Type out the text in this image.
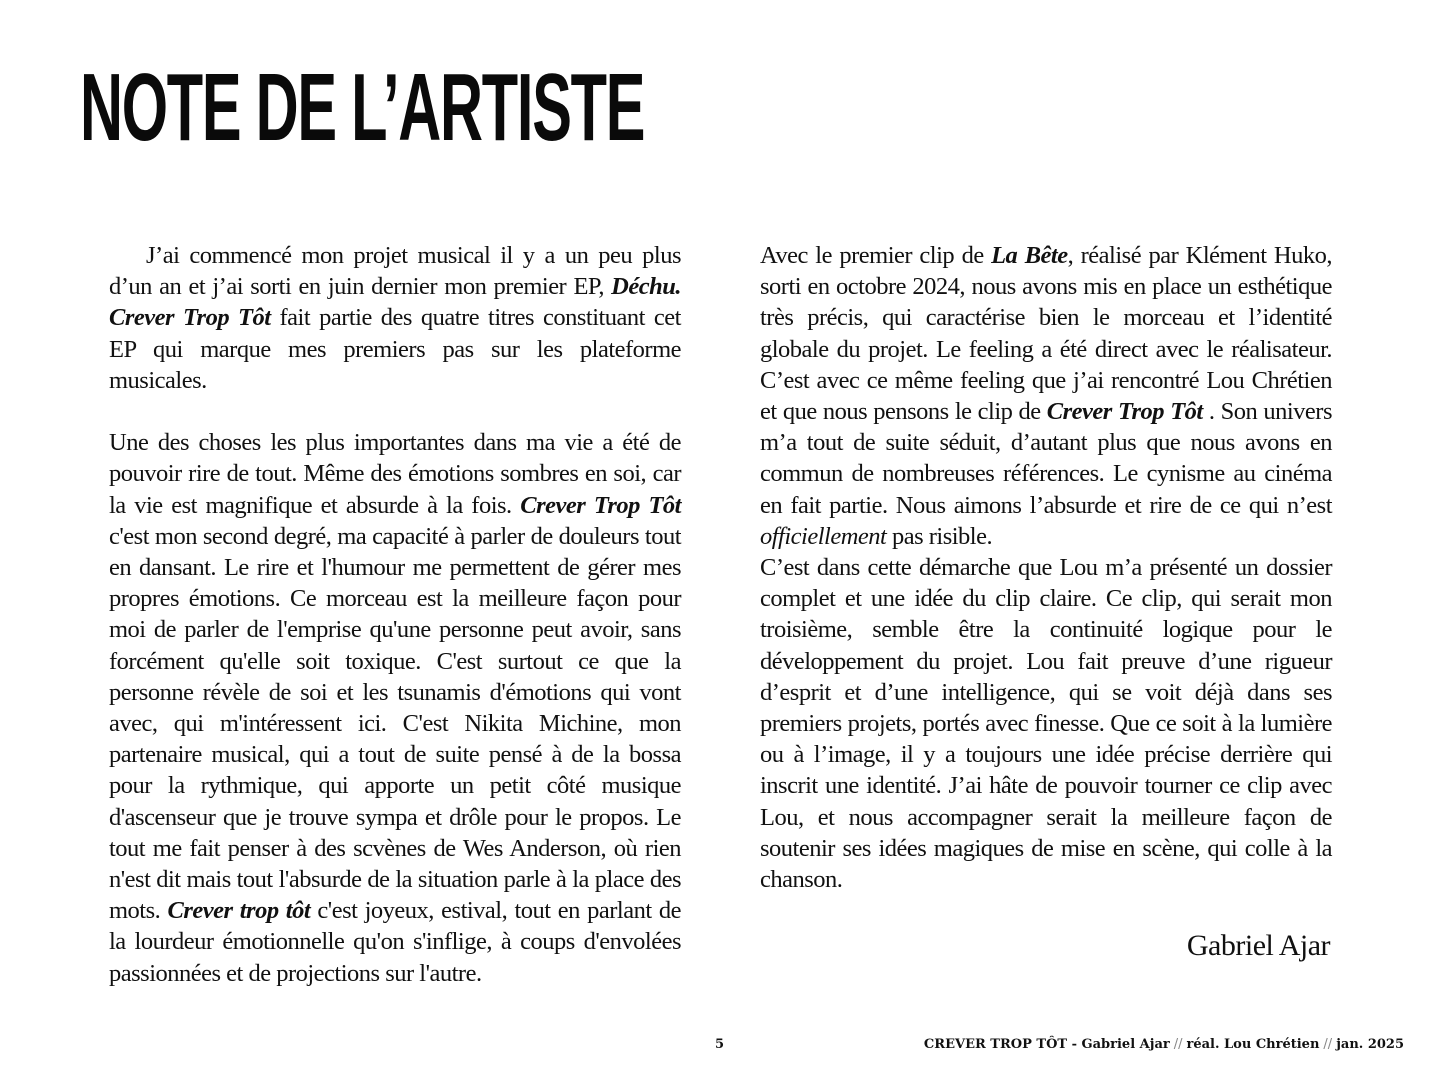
NOTE DE L’ARTISTE

J’ai commencé mon projet musical il y a un peu plus d’un an et j’ai sorti en juin dernier mon premier EP, Déchu. Crever Trop Tôt fait partie des quatre titres constituant cet EP qui marque mes premiers pas sur les plateforme musicales.

Une des choses les plus importantes dans ma vie a été de pouvoir rire de tout. Même des émotions sombres en soi, car la vie est magnifique et absurde à la fois. Crever Trop Tôt c'est mon second degré, ma capacité à parler de douleurs tout en dansant. Le rire et l'humour me permettent de gérer mes propres émotions. Ce morceau est la meilleure façon pour moi de parler de l'emprise qu'une personne peut avoir, sans forcément qu'elle soit toxique. C'est surtout ce que la personne révèle de soi et les tsunamis d'émotions qui vont avec, qui m'intéressent ici. C'est Nikita Michine, mon partenaire musical, qui a tout de suite pensé à de la bossa pour la rythmique, qui apporte un petit côté musique d'ascenseur que je trouve sympa et drôle pour le propos. Le tout me fait penser à des scvènes de Wes Anderson, où rien n'est dit mais tout l'absurde de la situation parle à la place des mots. Crever trop tôt c'est joyeux, estival, tout en parlant de la lourdeur émotionnelle qu'on s'inflige, à coups d'envolées passionnées et de projections sur l'autre.

Avec le premier clip de La Bête, réalisé par Klément Huko, sorti en octobre 2024, nous avons mis en place un esthétique très précis, qui caractérise bien le morceau et l’identité globale du projet. Le feeling a été direct avec le réalisateur. C’est avec ce même feeling que j’ai rencontré Lou Chrétien et que nous pensons le clip de Crever Trop Tôt . Son univers m’a tout de suite séduit, d’autant plus que nous avons en commun de nombreuses références. Le cynisme au cinéma en fait partie. Nous aimons l’absurde et rire de ce qui n’est officiellement pas risible.

C’est dans cette démarche que Lou m’a présenté un dossier complet et une idée du clip claire. Ce clip, qui serait mon troisième, semble être la continuité logique pour le développement du projet. Lou fait preuve d’une rigueur d’esprit et d’une intelligence, qui se voit déjà dans ses premiers projets, portés avec finesse. Que ce soit à la lumière ou à l’image, il y a toujours une idée précise derrière qui inscrit une identité. J’ai hâte de pouvoir tourner ce clip avec Lou, et nous accompagner serait la meilleure façon de soutenir ses idées magiques de mise en scène, qui colle à la chanson.

Gabriel Ajar
5	CREVER TROP TÔT - Gabriel Ajar // réal. Lou Chrétien // jan. 2025
